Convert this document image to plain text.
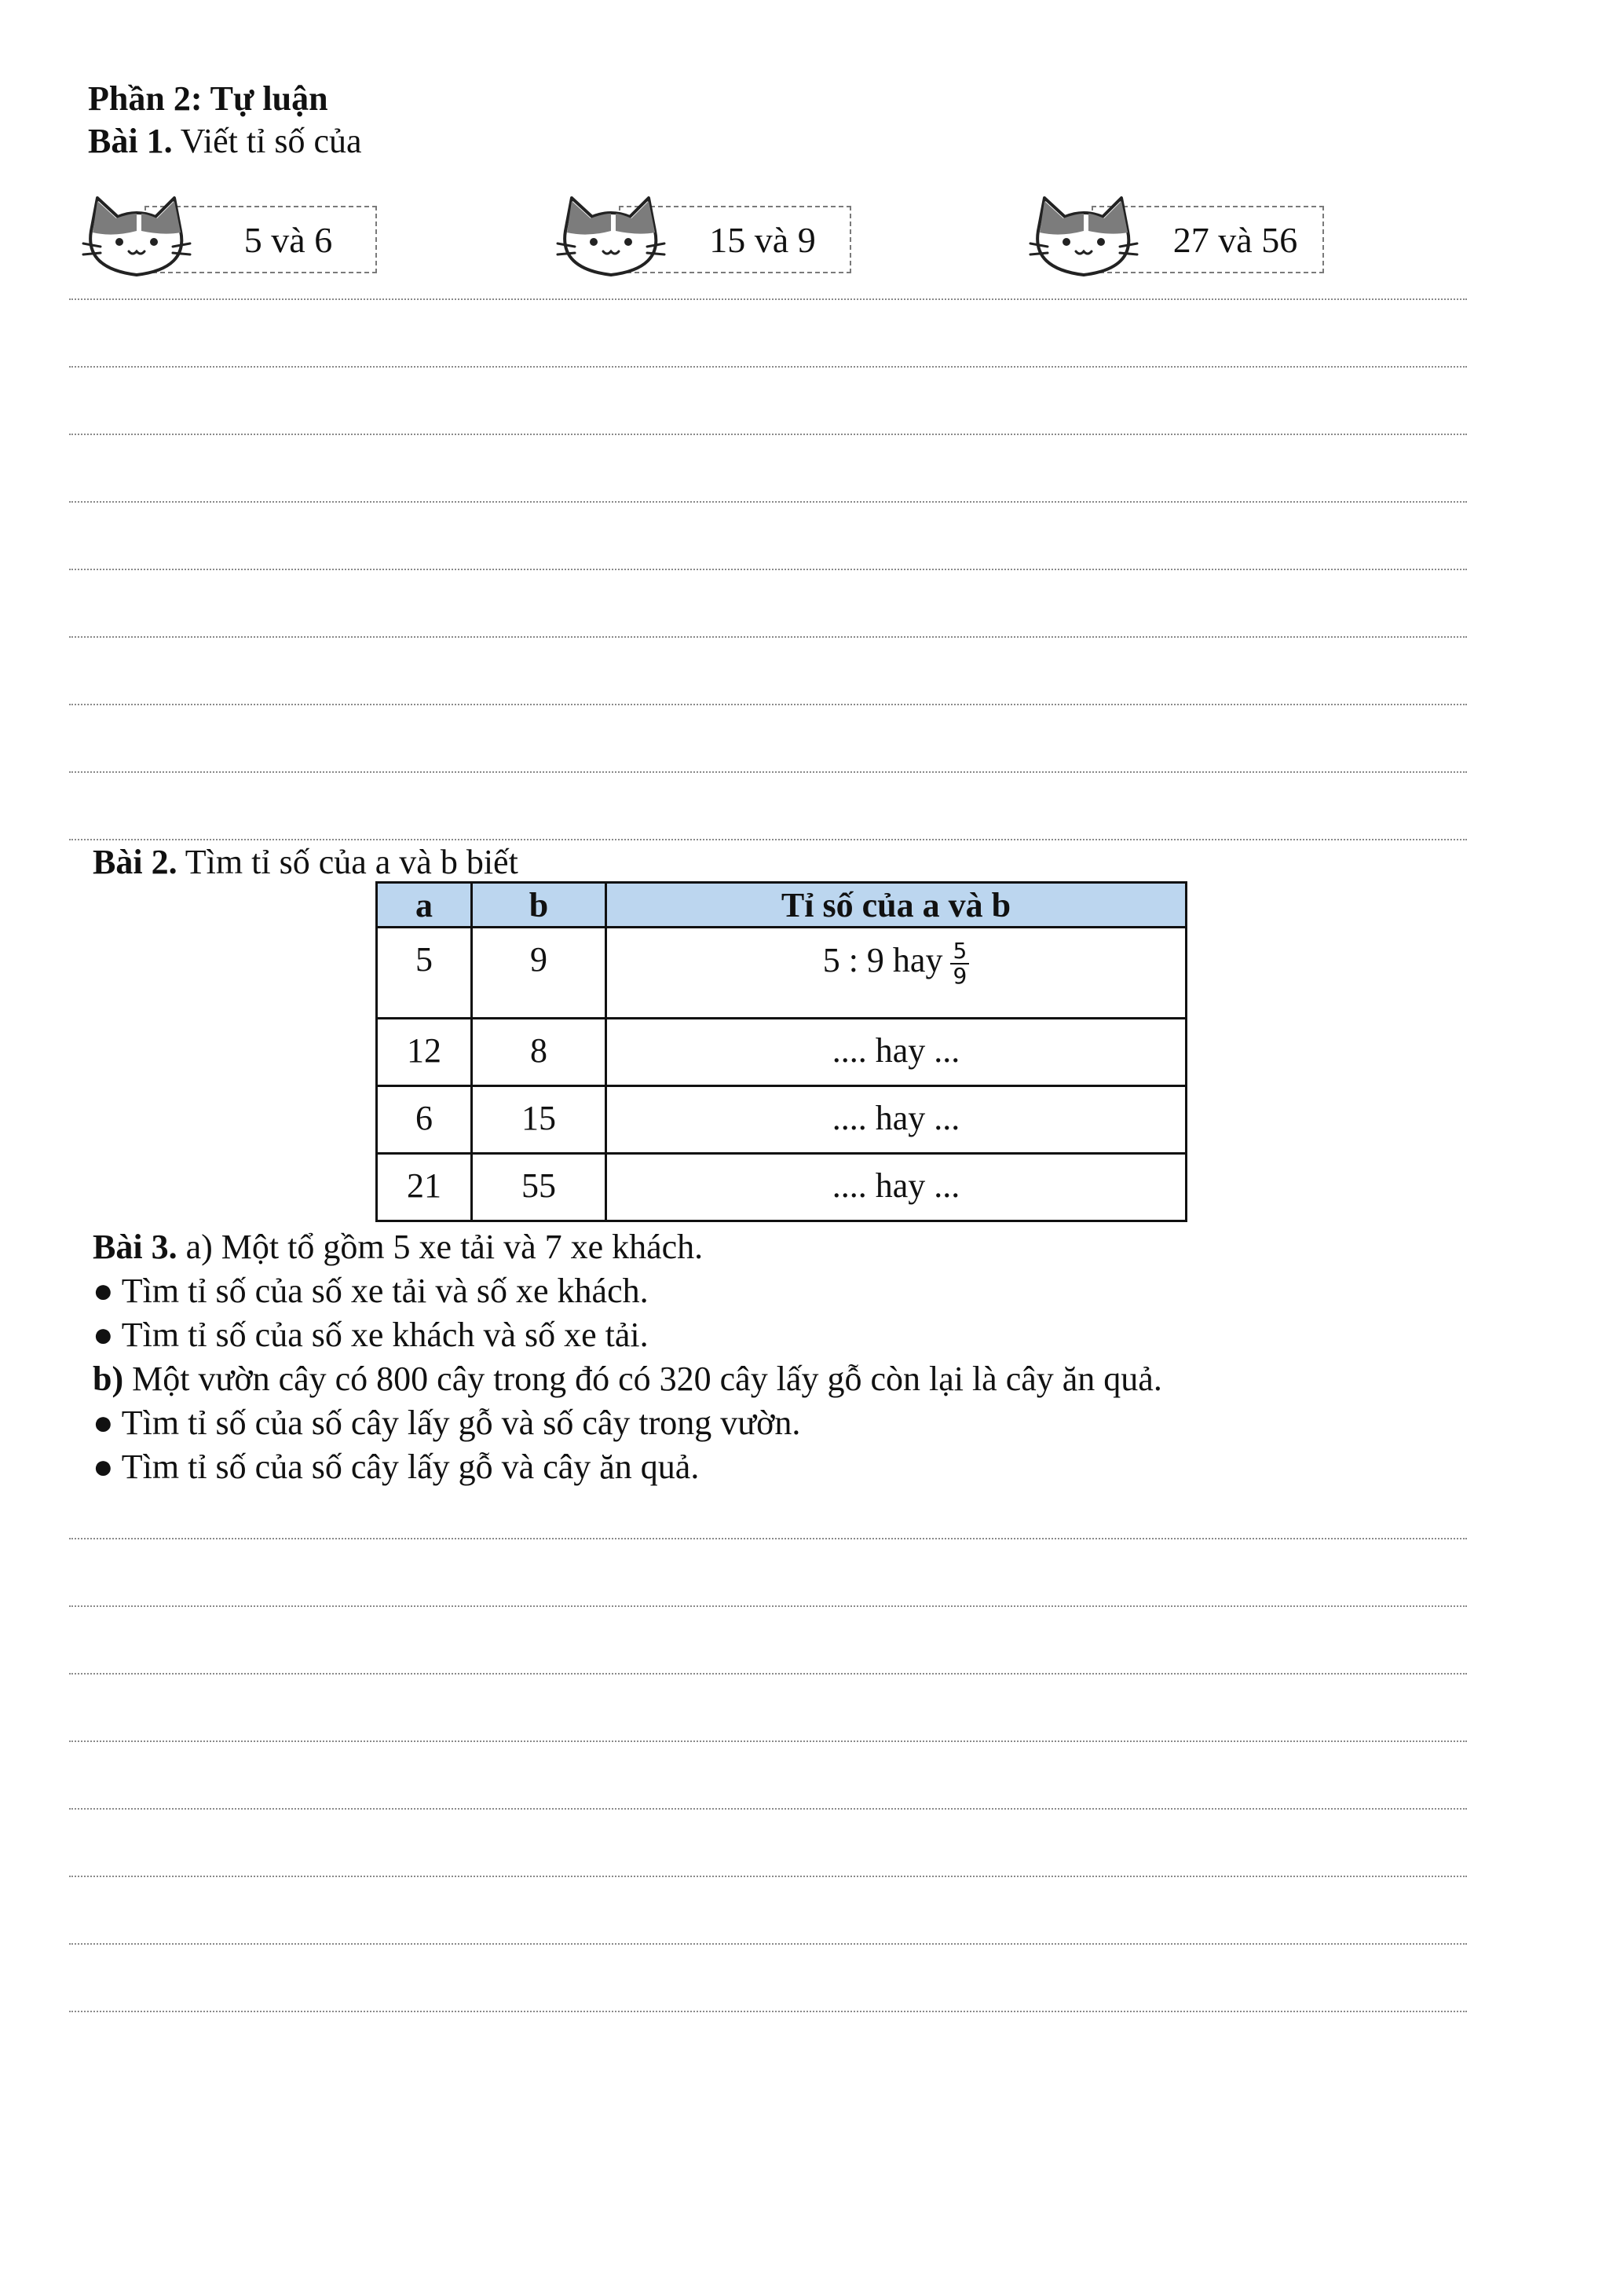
Phần 2: Tự luận
Bài 1. Viết tỉ số của
5 và 6	15 và 9	27 và 56
Bài 2. Tìm tỉ số của a và b biết
a	b	Tỉ số của a và b
5	9	5 : 9 hay $\frac{5}{9}$

12	8	.... hay ...
6	15	.... hay ...
21	55	.... hay ...
Bài 3. a) Một tổ gồm 5 xe tải và 7 xe khách.
● Tìm tỉ số của số xe tải và số xe khách.
● Tìm tỉ số của số xe khách và số xe tải.
b) Một vườn cây có 800 cây trong đó có 320 cây lấy gỗ còn lại là cây ăn quả.
● Tìm tỉ số của số cây lấy gỗ và số cây trong vườn.
● Tìm tỉ số của số cây lấy gỗ và cây ăn quả.
